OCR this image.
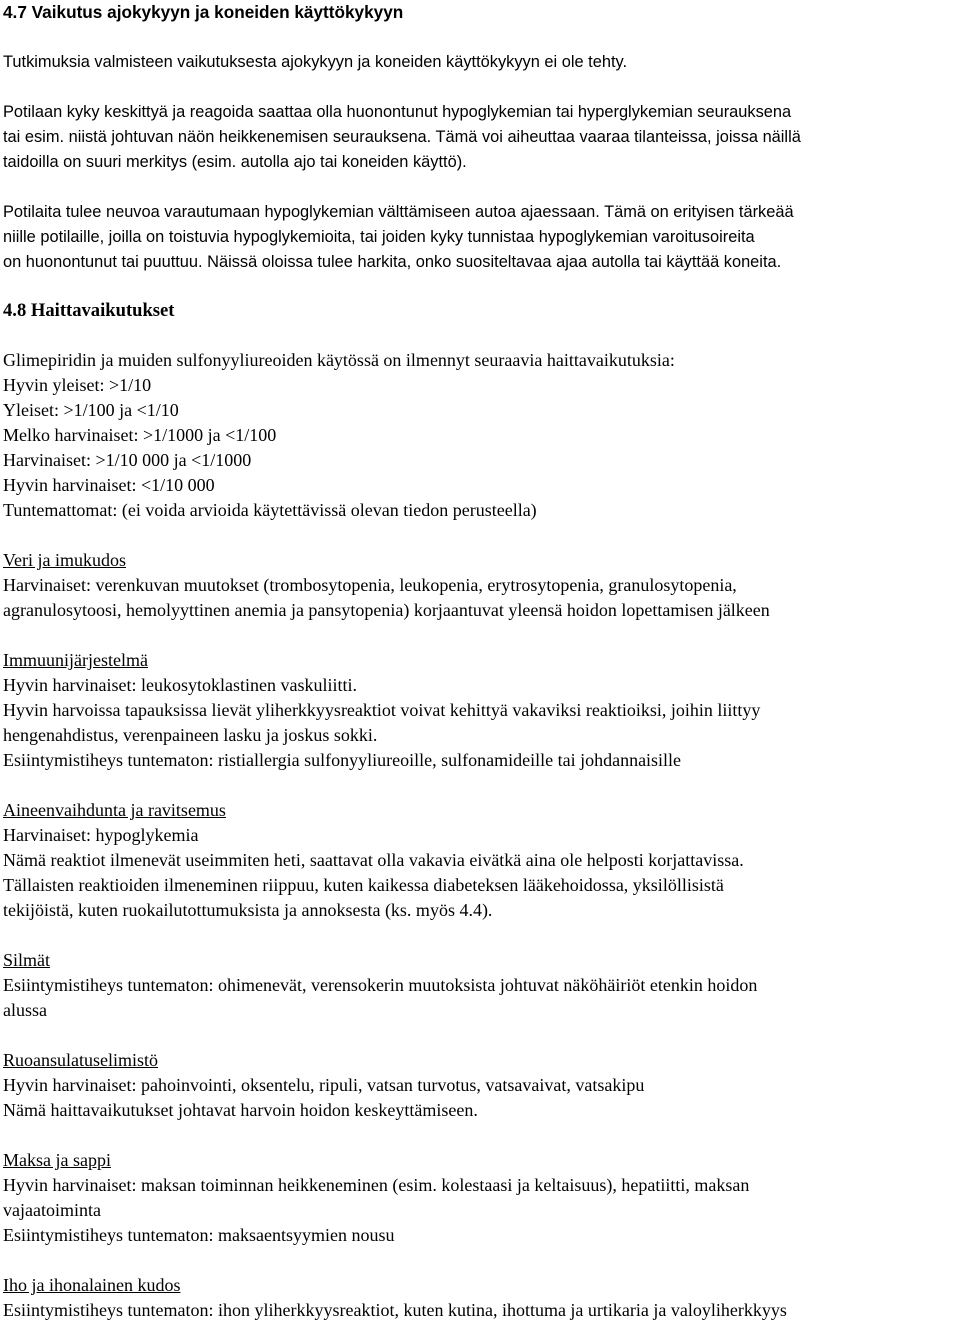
4.7 Vaikutus ajokykyyn ja koneiden käyttökykyyn

Tutkimuksia valmisteen vaikutuksesta ajokykyyn ja koneiden käyttökykyyn ei ole tehty.

Potilaan kyky keskittyä ja reagoida saattaa olla huonontunut hypoglykemian tai hyperglykemian seurauksena
tai esim. niistä johtuvan näön heikkenemisen seurauksena. Tämä voi aiheuttaa vaaraa tilanteissa, joissa näillä
taidoilla on suuri merkitys (esim. autolla ajo tai koneiden käyttö).

Potilaita tulee neuvoa varautumaan hypoglykemian välttämiseen autoa ajaessaan. Tämä on erityisen tärkeää
niille potilaille, joilla on toistuvia hypoglykemioita, tai joiden kyky tunnistaa hypoglykemian varoitusoireita
on huonontunut tai puuttuu. Näissä oloissa tulee harkita, onko suositeltavaa ajaa autolla tai käyttää koneita.

4.8 Haittavaikutukset

Glimepiridin ja muiden sulfonyyliureoiden käytössä on ilmennyt seuraavia haittavaikutuksia:
Hyvin yleiset: >1/10
Yleiset: >1/100 ja <1/10
Melko harvinaiset: >1/1000 ja <1/100
Harvinaiset: >1/10 000 ja <1/1000
Hyvin harvinaiset: <1/10 000
Tuntemattomat: (ei voida arvioida käytettävissä olevan tiedon perusteella)

Veri ja imukudos
Harvinaiset: verenkuvan muutokset (trombosytopenia, leukopenia, erytrosytopenia, granulosytopenia,
agranulosytoosi, hemolyyttinen anemia ja pansytopenia) korjaantuvat yleensä hoidon lopettamisen jälkeen
Immuunijärjestelmä
Hyvin harvinaiset: leukosytoklastinen vaskuliitti.
Hyvin harvoissa tapauksissa lievät yliherkkyysreaktiot voivat kehittyä vakaviksi reaktioiksi, joihin liittyy
hengenahdistus, verenpaineen lasku ja joskus sokki.
Esiintymistiheys tuntematon: ristiallergia sulfonyyliureoille, sulfonamideille tai johdannaisille
Aineenvaihdunta ja ravitsemus
Harvinaiset: hypoglykemia
Nämä reaktiot ilmenevät useimmiten heti, saattavat olla vakavia eivätkä aina ole helposti korjattavissa.
Tällaisten reaktioiden ilmeneminen riippuu, kuten kaikessa diabeteksen lääkehoidossa, yksilöllisistä
tekijöistä, kuten ruokailutottumuksista ja annoksesta (ks. myös 4.4).
Silmät
Esiintymistiheys tuntematon: ohimenevät, verensokerin muutoksista johtuvat näköhäiriöt etenkin hoidon
alussa
Ruoansulatuselimistö
Hyvin harvinaiset: pahoinvointi, oksentelu, ripuli, vatsan turvotus, vatsavaivat, vatsakipu
Nämä haittavaikutukset johtavat harvoin hoidon keskeyttämiseen.
Maksa ja sappi
Hyvin harvinaiset: maksan toiminnan heikkeneminen (esim. kolestaasi ja keltaisuus), hepatiitti, maksan
vajaatoiminta
Esiintymistiheys tuntematon: maksaentsyymien nousu
Iho ja ihonalainen kudos
Esiintymistiheys tuntematon: ihon yliherkkyysreaktiot, kuten kutina, ihottuma ja urtikaria ja valoyliherkkyys
